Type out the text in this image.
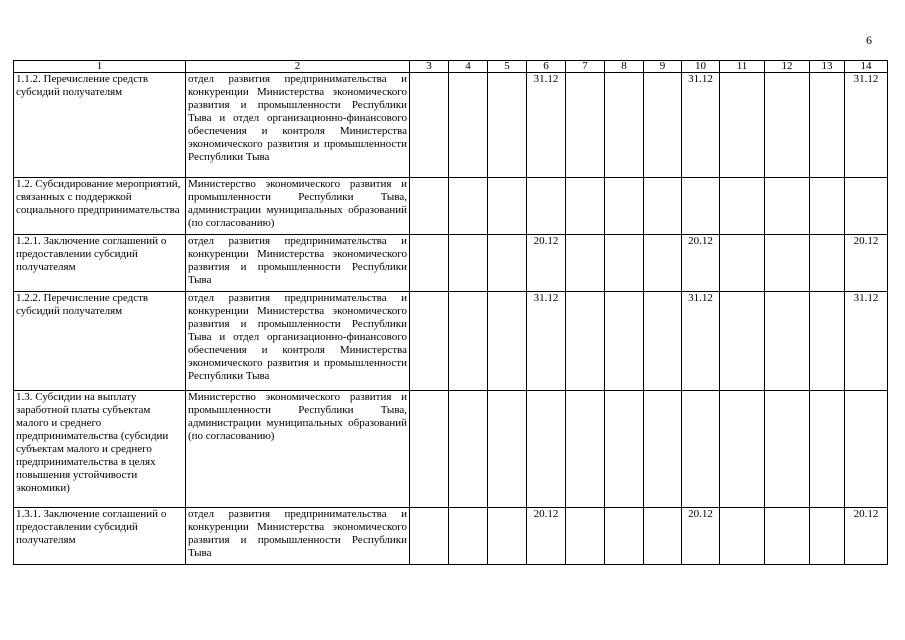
6
1	2	3	4	5	6	7	8	9	10	11	12	13	14
1.1.2. Перечисление средств субсидий получателям	отдел развития предпринимательства и конкуренции Министерства экономического развития и промышленности Республики Тыва и отдел организационно-финансового обеспечения и контроля Министерства экономического развития и промышленности Республики Тыва				31.12				31.12				31.12
1.2. Субсидирование мероприятий, связанных с поддержкой социального предпринимательства	Министерство экономического развития и промышленности Республики Тыва, администрации муниципальных образований (по согласованию)												
1.2.1. Заключение соглашений о предоставлении субсидий получателям	отдел развития предпринимательства и конкуренции Министерства экономического развития и промышленности Республики Тыва				20.12				20.12				20.12
1.2.2. Перечисление средств субсидий получателям	отдел развития предпринимательства и конкуренции Министерства экономического развития и промышленности Республики Тыва и отдел организационно-финансового обеспечения и контроля Министерства экономического развития и промышленности Республики Тыва				31.12				31.12				31.12
1.3. Субсидии на выплату заработной платы субъектам малого и среднего предпринимательства (субсидии субъектам малого и среднего предпринимательства в целях повышения устойчивости экономики)	Министерство экономического развития и промышленности Республики Тыва, администрации муниципальных образований (по согласованию)												
1.3.1. Заключение соглашений о предоставлении субсидий получателям	отдел развития предпринимательства и конкуренции Министерства экономического развития и промышленности Республики Тыва				20.12				20.12				20.12
